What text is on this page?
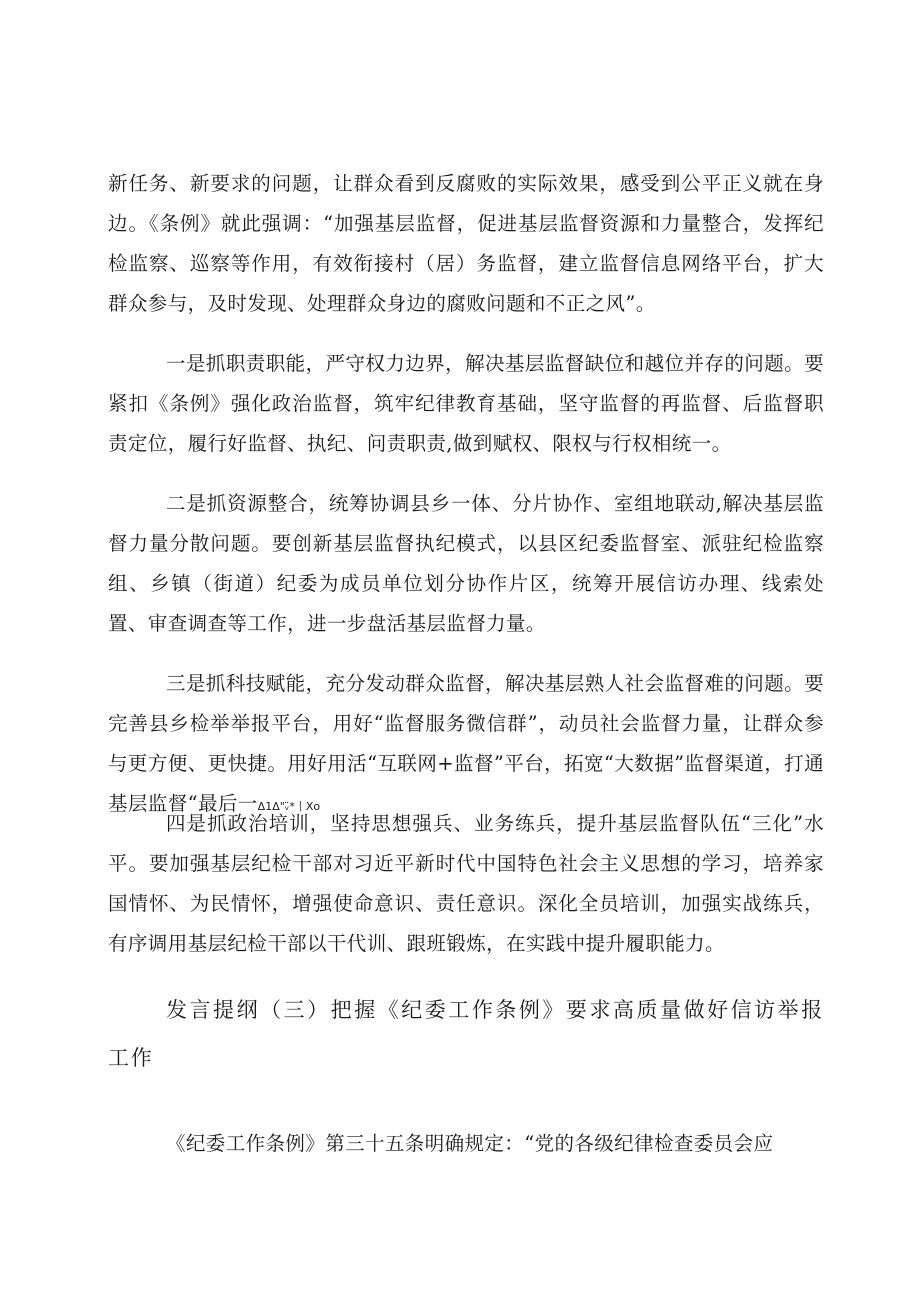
新任务、新要求的问题，让群众看到反腐败的实际效果，感受到公平正义就在身边。《条例》就此强调：“加强基层监督，促进基层监督资源和力量整合，发挥纪检监察、巡察等作用，有效衔接村（居）务监督，建立监督信息网络平台，扩大群众参与，及时发现、处理群众身边的腐败问题和不正之风”。

一是抓职责职能，严守权力边界，解决基层监督缺位和越位并存的问题。要紧扣《条例》强化政治监督，筑牢纪律教育基础，坚守监督的再监督、后监督职责定位，履行好监督、执纪、问责职责,做到赋权、限权与行权相统一。

二是抓资源整合，统筹协调县乡一体、分片协作、室组地联动,解决基层监督力量分散问题。要创新基层监督执纪模式，以县区纪委监督室、派驻纪检监察组、乡镇（街道）纪委为成员单位划分协作片区，统筹开展信访办理、线索处置、审查调查等工作，进一步盘活基层监督力量。

三是抓科技赋能，充分发动群众监督，解决基层熟人社会监督难的问题。要完善县乡检举举报平台，用好“监督服务微信群”，动员社会监督力量，让群众参与更方便、更快捷。用好用活“互联网+监督”平台，拓宽“大数据”监督渠道，打通基层监督“最后一Δ1Δ"ᵥ̈*丨Xo

四是抓政治培训，坚持思想强兵、业务练兵，提升基层监督队伍“三化”水平。要加强基层纪检干部对习近平新时代中国特色社会主义思想的学习，培养家国情怀、为民情怀，增强使命意识、责任意识。深化全员培训，加强实战练兵，有序调用基层纪检干部以干代训、跟班锻炼，在实践中提升履职能力。

发言提纲（三）把握《纪委工作条例》要求高质量做好信访举报工作

《纪委工作条例》第三十五条明确规定：“党的各级纪律检查委员会应
